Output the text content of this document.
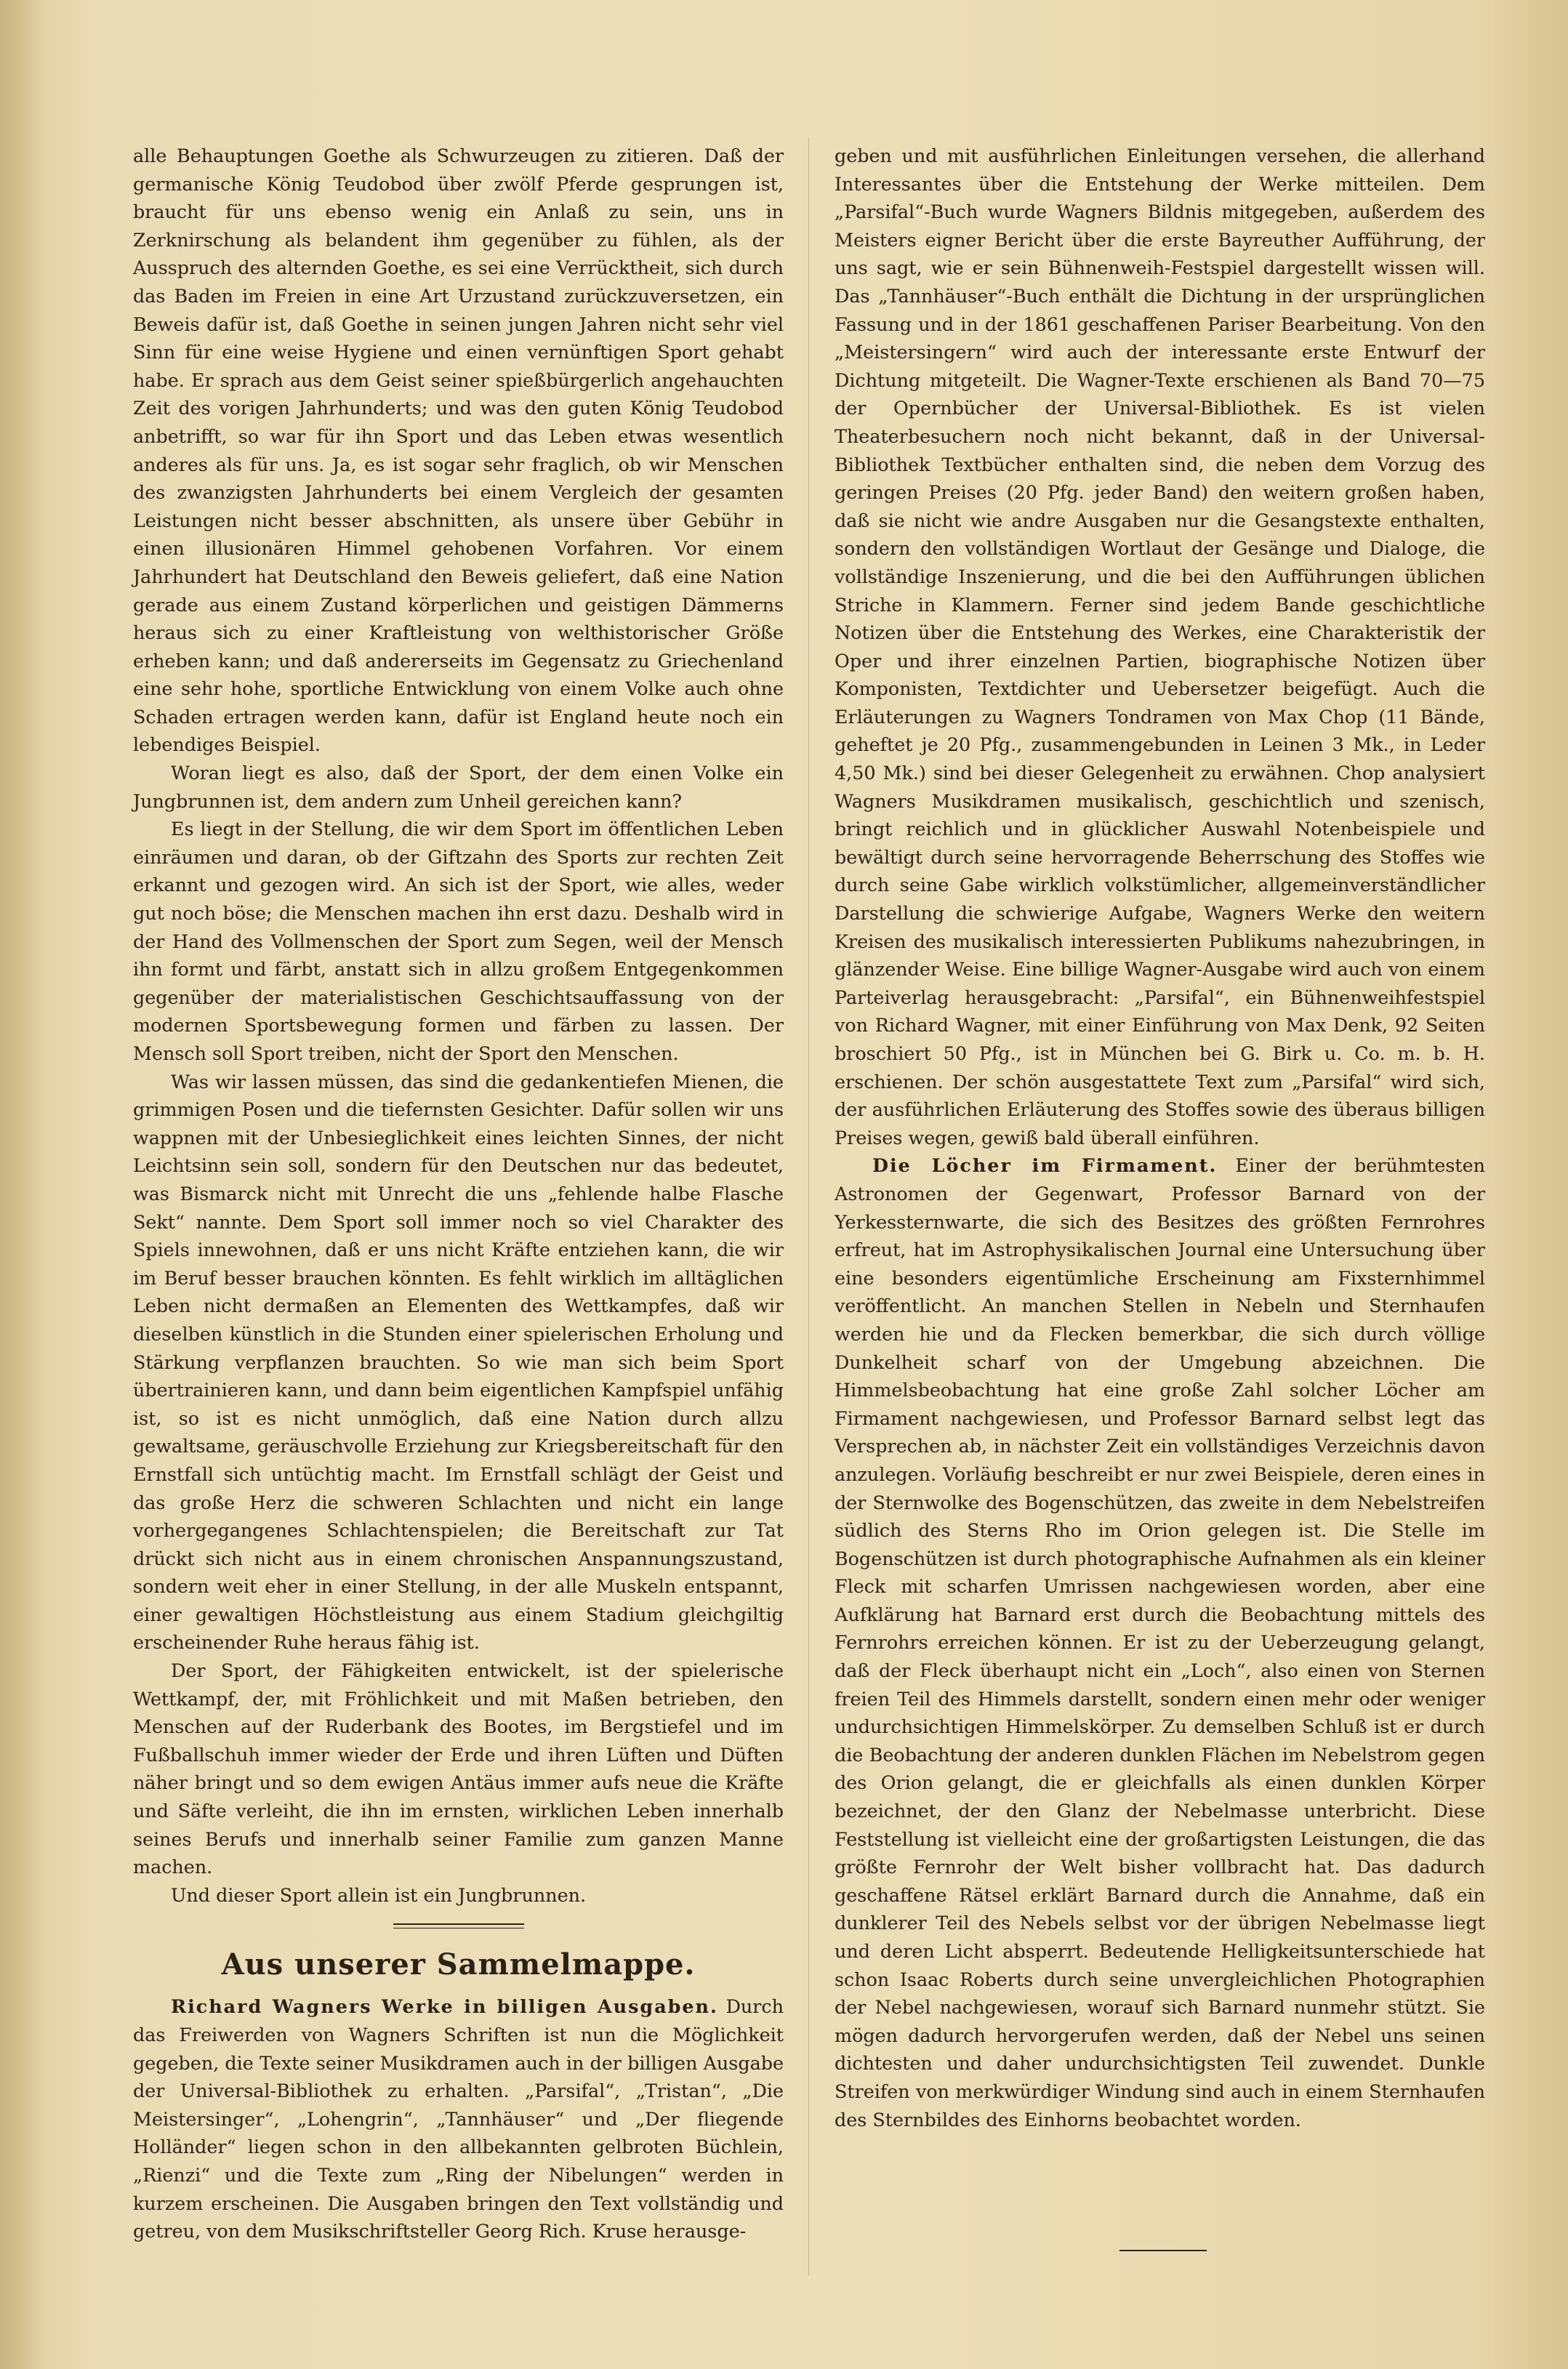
alle Behauptungen Goethe als Schwurzeugen zu zitieren. Daß der germanische König Teudobod über zwölf Pferde gesprungen ist, braucht für uns ebenso wenig ein Anlaß zu sein, uns in Zerknirschung als belandent ihm gegenüber zu fühlen, als der Ausspruch des alternden Goethe, es sei eine Verrücktheit, sich durch das Baden im Freien in eine Art Urzustand zurückzuversetzen, ein Beweis dafür ist, daß Goethe in seinen jungen Jahren nicht sehr viel Sinn für eine weise Hygiene und einen vernünftigen Sport gehabt habe. Er sprach aus dem Geist seiner spießbürgerlich angehauchten Zeit des vorigen Jahrhunderts; und was den guten König Teudobod anbetrifft, so war für ihn Sport und das Leben etwas wesentlich anderes als für uns. Ja, es ist sogar sehr fraglich, ob wir Menschen des zwanzigsten Jahrhunderts bei einem Vergleich der gesamten Leistungen nicht besser abschnitten, als unsere über Gebühr in einen illusionären Himmel gehobenen Vorfahren. Vor einem Jahrhundert hat Deutschland den Beweis geliefert, daß eine Nation gerade aus einem Zustand körperlichen und geistigen Dämmerns heraus sich zu einer Kraftleistung von welthistorischer Größe erheben kann; und daß andererseits im Gegensatz zu Griechenland eine sehr hohe, sportliche Entwicklung von einem Volke auch ohne Schaden ertragen werden kann, dafür ist England heute noch ein lebendiges Beispiel.

Woran liegt es also, daß der Sport, der dem einen Volke ein Jungbrunnen ist, dem andern zum Unheil gereichen kann?

Es liegt in der Stellung, die wir dem Sport im öffentlichen Leben einräumen und daran, ob der Giftzahn des Sports zur rechten Zeit erkannt und gezogen wird. An sich ist der Sport, wie alles, weder gut noch böse; die Menschen machen ihn erst dazu. Deshalb wird in der Hand des Vollmenschen der Sport zum Segen, weil der Mensch ihn formt und färbt, anstatt sich in allzu großem Entgegenkommen gegenüber der materialistischen Geschichtsauffassung von der modernen Sportsbewegung formen und färben zu lassen. Der Mensch soll Sport treiben, nicht der Sport den Menschen.

Was wir lassen müssen, das sind die gedankentiefen Mienen, die grimmigen Posen und die tiefernsten Gesichter. Dafür sollen wir uns wappnen mit der Unbesieglichkeit eines leichten Sinnes, der nicht Leichtsinn sein soll, sondern für den Deutschen nur das bedeutet, was Bismarck nicht mit Unrecht die uns „fehlende halbe Flasche Sekt“ nannte. Dem Sport soll immer noch so viel Charakter des Spiels innewohnen, daß er uns nicht Kräfte entziehen kann, die wir im Beruf besser brauchen könnten. Es fehlt wirklich im alltäglichen Leben nicht dermaßen an Elementen des Wettkampfes, daß wir dieselben künstlich in die Stunden einer spielerischen Erholung und Stärkung verpflanzen brauchten. So wie man sich beim Sport übertrainieren kann, und dann beim eigentlichen Kampfspiel unfähig ist, so ist es nicht unmöglich, daß eine Nation durch allzu gewaltsame, geräuschvolle Erziehung zur Kriegsbereitschaft für den Ernstfall sich untüchtig macht. Im Ernstfall schlägt der Geist und das große Herz die schweren Schlachten und nicht ein lange vorhergegangenes Schlachtenspielen; die Bereitschaft zur Tat drückt sich nicht aus in einem chronischen Anspannungszustand, sondern weit eher in einer Stellung, in der alle Muskeln entspannt, einer gewaltigen Höchstleistung aus einem Stadium gleichgiltig erscheinender Ruhe heraus fähig ist.

Der Sport, der Fähigkeiten entwickelt, ist der spielerische Wettkampf, der, mit Fröhlichkeit und mit Maßen betrieben, den Menschen auf der Ruderbank des Bootes, im Bergstiefel und im Fußballschuh immer wieder der Erde und ihren Lüften und Düften näher bringt und so dem ewigen Antäus immer aufs neue die Kräfte und Säfte verleiht, die ihn im ernsten, wirklichen Leben innerhalb seines Berufs und innerhalb seiner Familie zum ganzen Manne machen.

Und dieser Sport allein ist ein Jungbrunnen.

Aus unserer Sammelmappe.

Richard Wagners Werke in billigen Ausgaben. Durch das Freiwerden von Wagners Schriften ist nun die Möglichkeit gegeben, die Texte seiner Musikdramen auch in der billigen Ausgabe der Universal-Bibliothek zu erhalten. „Parsifal“, „Tristan“, „Die Meistersinger“, „Lohengrin“, „Tannhäuser“ und „Der fliegende Holländer“ liegen schon in den allbekannten gelbroten Büchlein, „Rienzi“ und die Texte zum „Ring der Nibelungen“ werden in kurzem erscheinen. Die Ausgaben bringen den Text vollständig und getreu, von dem Musikschriftsteller Georg Rich. Kruse herausge-

geben und mit ausführlichen Einleitungen versehen, die allerhand Interessantes über die Entstehung der Werke mitteilen. Dem „Parsifal“-Buch wurde Wagners Bildnis mitgegeben, außerdem des Meisters eigner Bericht über die erste Bayreuther Aufführung, der uns sagt, wie er sein Bühnenweih-Festspiel dargestellt wissen will. Das „Tannhäuser“-Buch enthält die Dichtung in der ursprünglichen Fassung und in der 1861 geschaffenen Pariser Bearbeitung. Von den „Meistersingern“ wird auch der interessante erste Entwurf der Dichtung mitgeteilt. Die Wagner-Texte erschienen als Band 70—75 der Opernbücher der Universal-Bibliothek. Es ist vielen Theaterbesuchern noch nicht bekannt, daß in der Universal-Bibliothek Textbücher enthalten sind, die neben dem Vorzug des geringen Preises (20 Pfg. jeder Band) den weitern großen haben, daß sie nicht wie andre Ausgaben nur die Gesangstexte enthalten, sondern den vollständigen Wortlaut der Gesänge und Dialoge, die vollständige Inszenierung, und die bei den Aufführungen üblichen Striche in Klammern. Ferner sind jedem Bande geschichtliche Notizen über die Entstehung des Werkes, eine Charakteristik der Oper und ihrer einzelnen Partien, biographische Notizen über Komponisten, Textdichter und Uebersetzer beigefügt. Auch die Erläuterungen zu Wagners Tondramen von Max Chop (11 Bände, geheftet je 20 Pfg., zusammengebunden in Leinen 3 Mk., in Leder 4,50 Mk.) sind bei dieser Gelegenheit zu erwähnen. Chop analysiert Wagners Musikdramen musikalisch, geschichtlich und szenisch, bringt reichlich und in glücklicher Auswahl Notenbeispiele und bewältigt durch seine hervorragende Beherrschung des Stoffes wie durch seine Gabe wirklich volkstümlicher, allgemeinverständlicher Darstellung die schwierige Aufgabe, Wagners Werke den weitern Kreisen des musikalisch interessierten Publikums nahezubringen, in glänzender Weise. Eine billige Wagner-Ausgabe wird auch von einem Parteiverlag herausgebracht: „Parsifal“, ein Bühnenweihfestspiel von Richard Wagner, mit einer Einführung von Max Denk, 92 Seiten broschiert 50 Pfg., ist in München bei G. Birk u. Co. m. b. H. erschienen. Der schön ausgestattete Text zum „Parsifal“ wird sich, der ausführlichen Erläuterung des Stoffes sowie des überaus billigen Preises wegen, gewiß bald überall einführen.

Die Löcher im Firmament. Einer der berühmtesten Astronomen der Gegenwart, Professor Barnard von der Yerkessternwarte, die sich des Besitzes des größten Fernrohres erfreut, hat im Astrophysikalischen Journal eine Untersuchung über eine besonders eigentümliche Erscheinung am Fixsternhimmel veröffentlicht. An manchen Stellen in Nebeln und Sternhaufen werden hie und da Flecken bemerkbar, die sich durch völlige Dunkelheit scharf von der Umgebung abzeichnen. Die Himmelsbeobachtung hat eine große Zahl solcher Löcher am Firmament nachgewiesen, und Professor Barnard selbst legt das Versprechen ab, in nächster Zeit ein vollständiges Verzeichnis davon anzulegen. Vorläufig beschreibt er nur zwei Beispiele, deren eines in der Sternwolke des Bogenschützen, das zweite in dem Nebelstreifen südlich des Sterns Rho im Orion gelegen ist. Die Stelle im Bogenschützen ist durch photographische Aufnahmen als ein kleiner Fleck mit scharfen Umrissen nachgewiesen worden, aber eine Aufklärung hat Barnard erst durch die Beobachtung mittels des Fernrohrs erreichen können. Er ist zu der Ueberzeugung gelangt, daß der Fleck überhaupt nicht ein „Loch“, also einen von Sternen freien Teil des Himmels darstellt, sondern einen mehr oder weniger undurchsichtigen Himmelskörper. Zu demselben Schluß ist er durch die Beobachtung der anderen dunklen Flächen im Nebelstrom gegen des Orion gelangt, die er gleichfalls als einen dunklen Körper bezeichnet, der den Glanz der Nebelmasse unterbricht. Diese Feststellung ist vielleicht eine der großartigsten Leistungen, die das größte Fernrohr der Welt bisher vollbracht hat. Das dadurch geschaffene Rätsel erklärt Barnard durch die Annahme, daß ein dunklerer Teil des Nebels selbst vor der übrigen Nebelmasse liegt und deren Licht absperrt. Bedeutende Helligkeitsunterschiede hat schon Isaac Roberts durch seine unvergleichlichen Photographien der Nebel nachgewiesen, worauf sich Barnard nunmehr stützt. Sie mögen dadurch hervorgerufen werden, daß der Nebel uns seinen dichtesten und daher undurchsichtigsten Teil zuwendet. Dunkle Streifen von merkwürdiger Windung sind auch in einem Sternhaufen des Sternbildes des Einhorns beobachtet worden.
